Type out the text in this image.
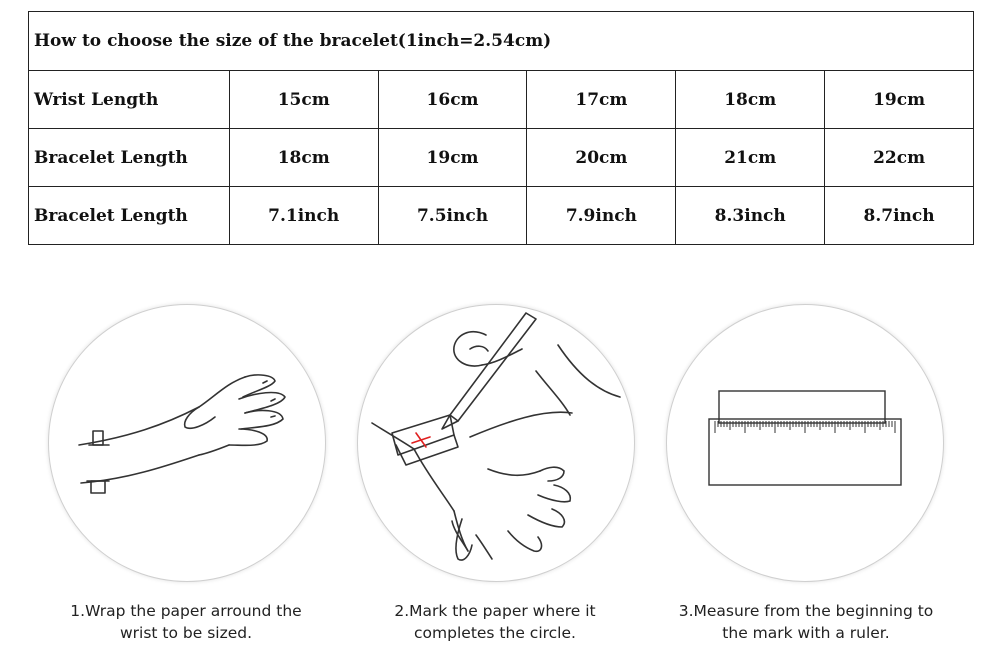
How to choose the size of the bracelet(1inch=2.54cm)					
Wrist Length	15cm	16cm	17cm	18cm	19cm
Bracelet Length	18cm	19cm	20cm	21cm	22cm
Bracelet Length	7.1inch	7.5inch	7.9inch	8.3inch	8.7inch
1.Wrap the paper arround the
wrist to be sized.
2.Mark the paper where it
completes the circle.
3.Measure from the beginning to
the mark with a ruler.
